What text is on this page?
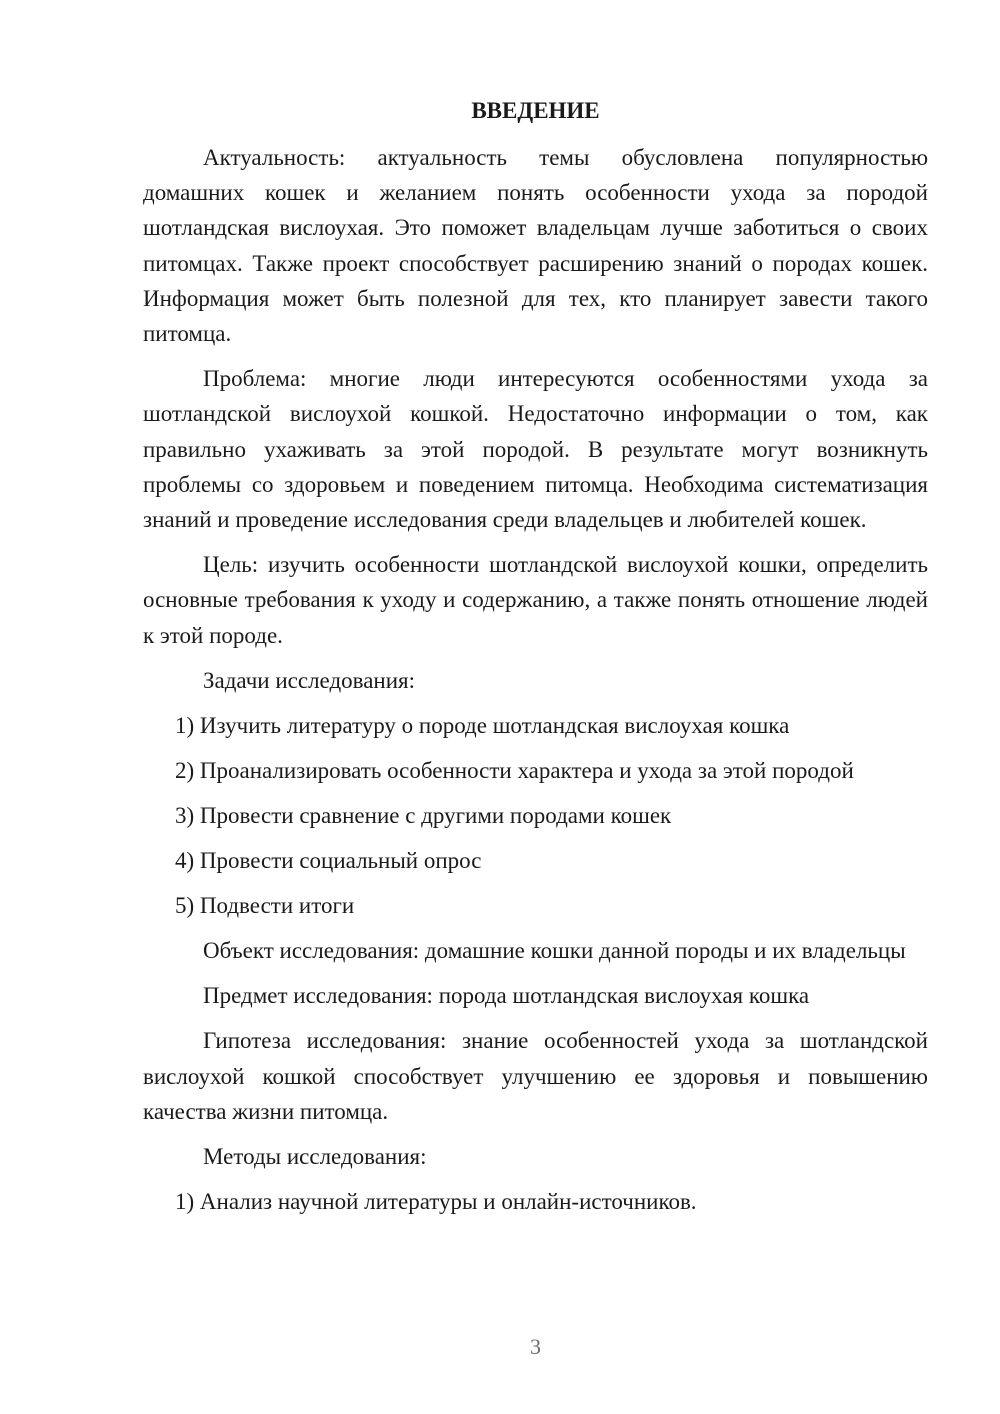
ВВЕДЕНИЕ

Актуальность: актуальность темы обусловлена популярностью домашних кошек и желанием понять особенности ухода за породой шотландская вислоухая. Это поможет владельцам лучше заботиться о своих питомцах. Также проект способствует расширению знаний о породах кошек. Информация может быть полезной для тех, кто планирует завести такого питомца.

Проблема: многие люди интересуются особенностями ухода за шотландской вислоухой кошкой. Недостаточно информации о том, как правильно ухаживать за этой породой. В результате могут возникнуть проблемы со здоровьем и поведением питомца. Необходима систематизация знаний и проведение исследования среди владельцев и любителей кошек.

Цель: изучить особенности шотландской вислоухой кошки, определить основные требования к уходу и содержанию, а также понять отношение людей к этой породе.

Задачи исследования:

1) Изучить литературу о породе шотландская вислоухая кошка
2) Проанализировать особенности характера и ухода за этой породой
3) Провести сравнение с другими породами кошек
4) Провести социальный опрос
5) Подвести итоги

Объект исследования: домашние кошки данной породы и их владельцы

Предмет исследования: порода шотландская вислоухая кошка

Гипотеза исследования: знание особенностей ухода за шотландской вислоухой кошкой способствует улучшению ее здоровья и повышению качества жизни питомца.

Методы исследования:

1) Анализ научной литературы и онлайн-источников.
3
